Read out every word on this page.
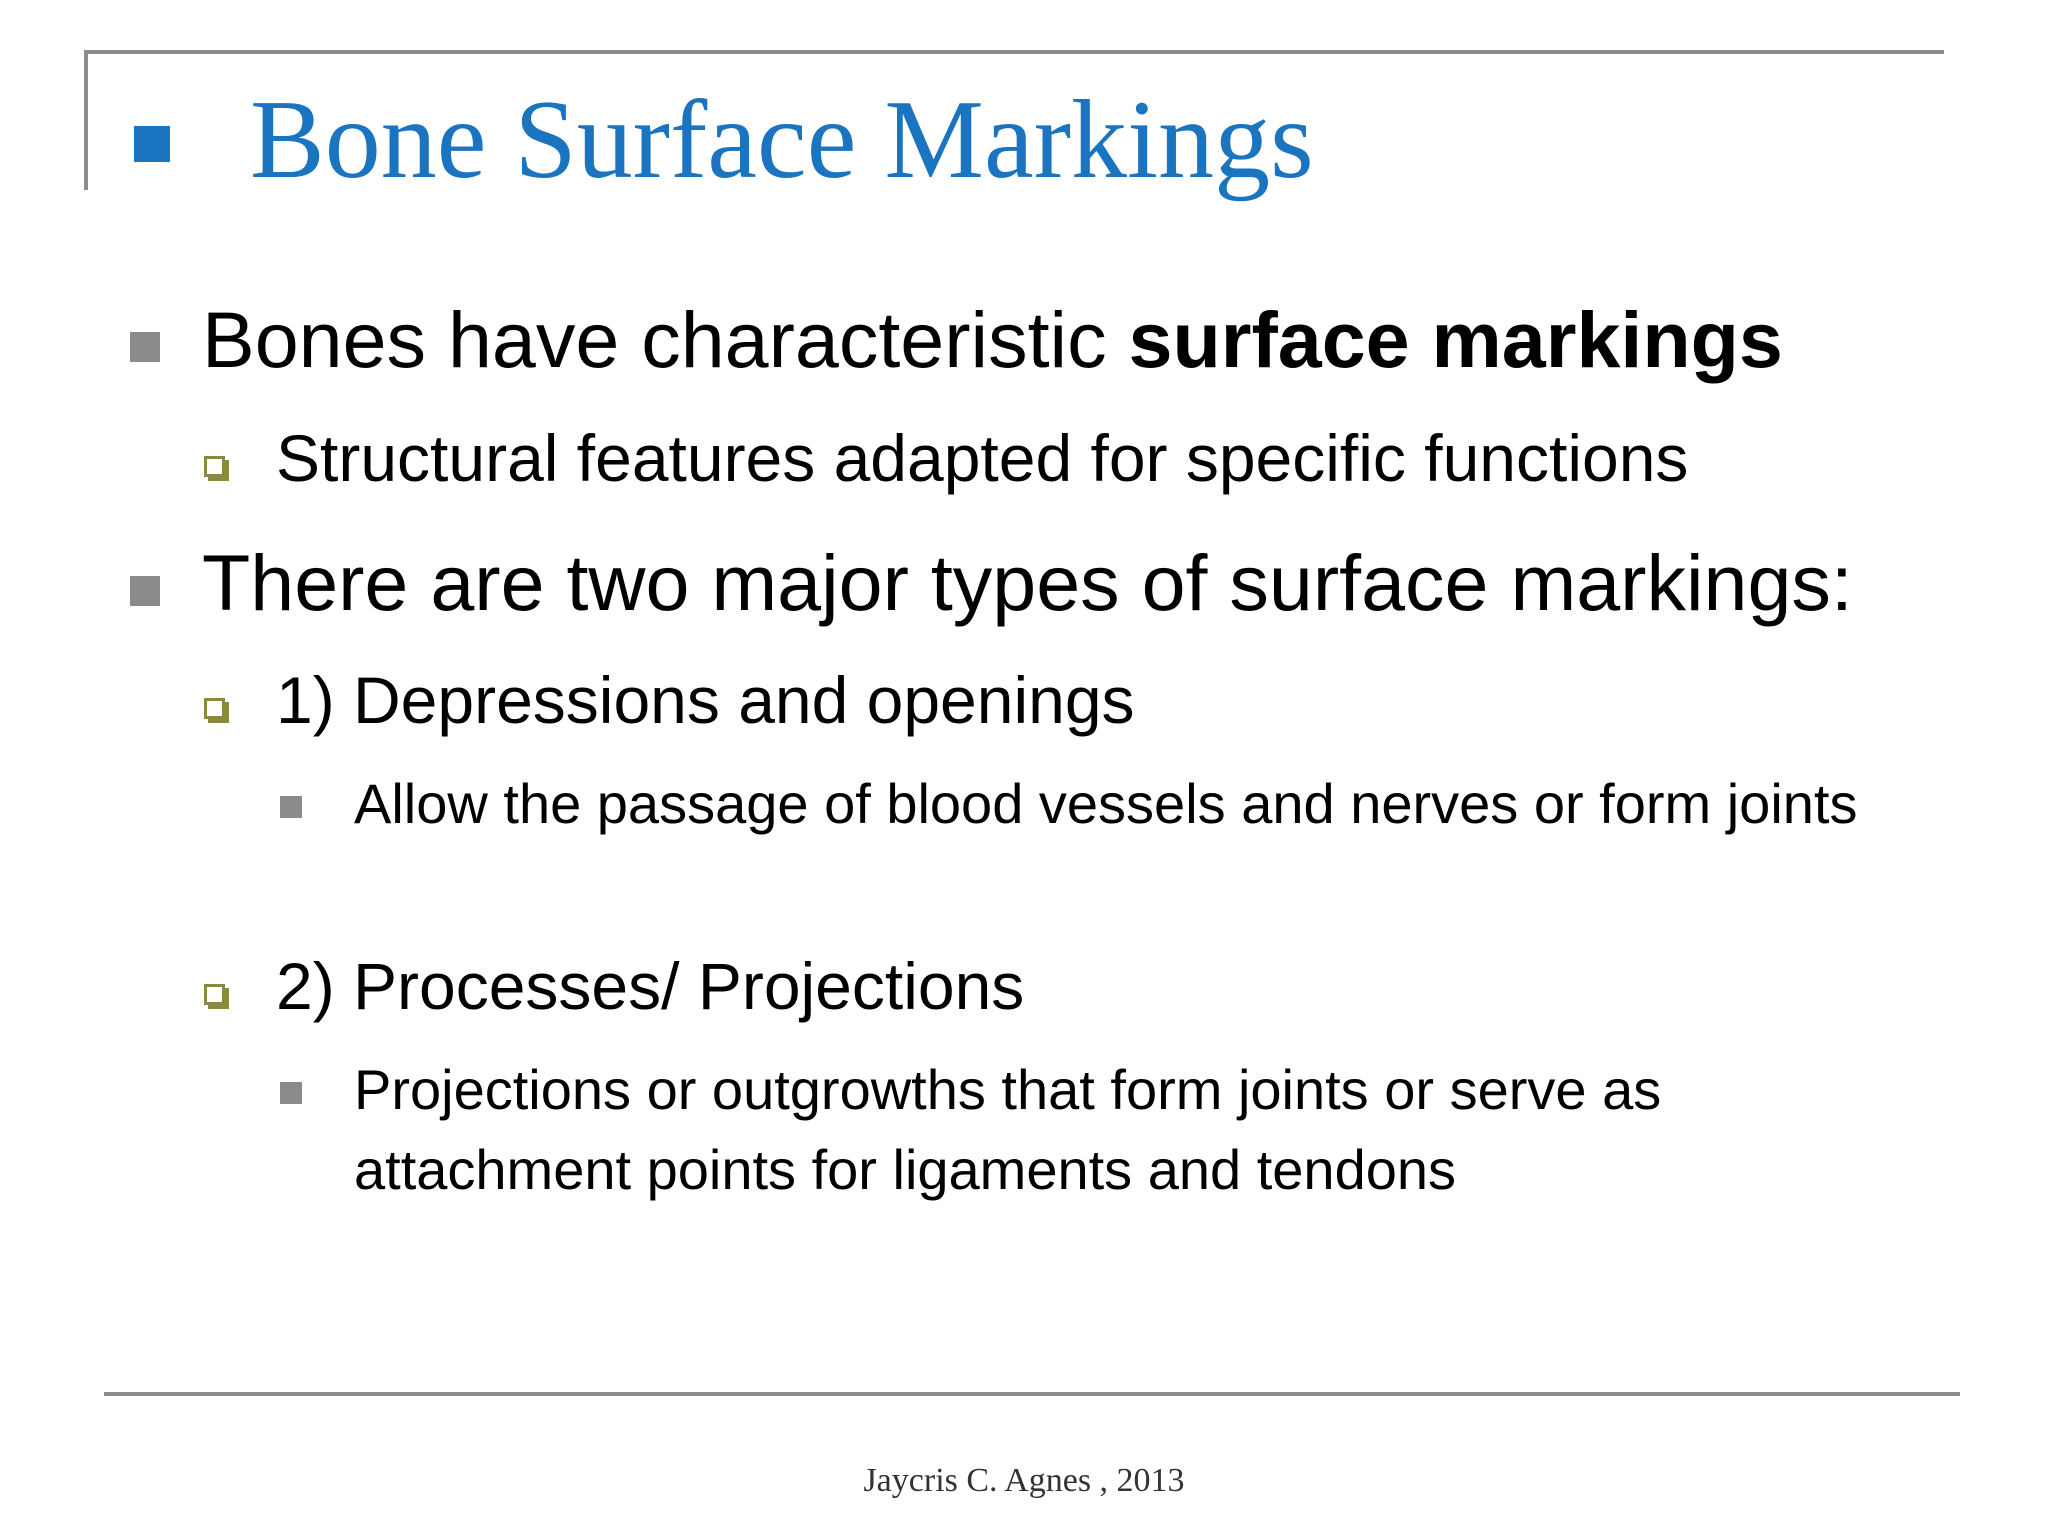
Bone Surface Markings
Bones have characteristic surface markings
Structural features adapted for specific functions
There are two major types of surface markings:
1) Depressions and openings
Allow the passage of blood vessels and nerves or form joints
2) Processes/ Projections
Projections or outgrowths that form joints or serve as attachment points for ligaments and tendons
Jaycris C. Agnes , 2013
